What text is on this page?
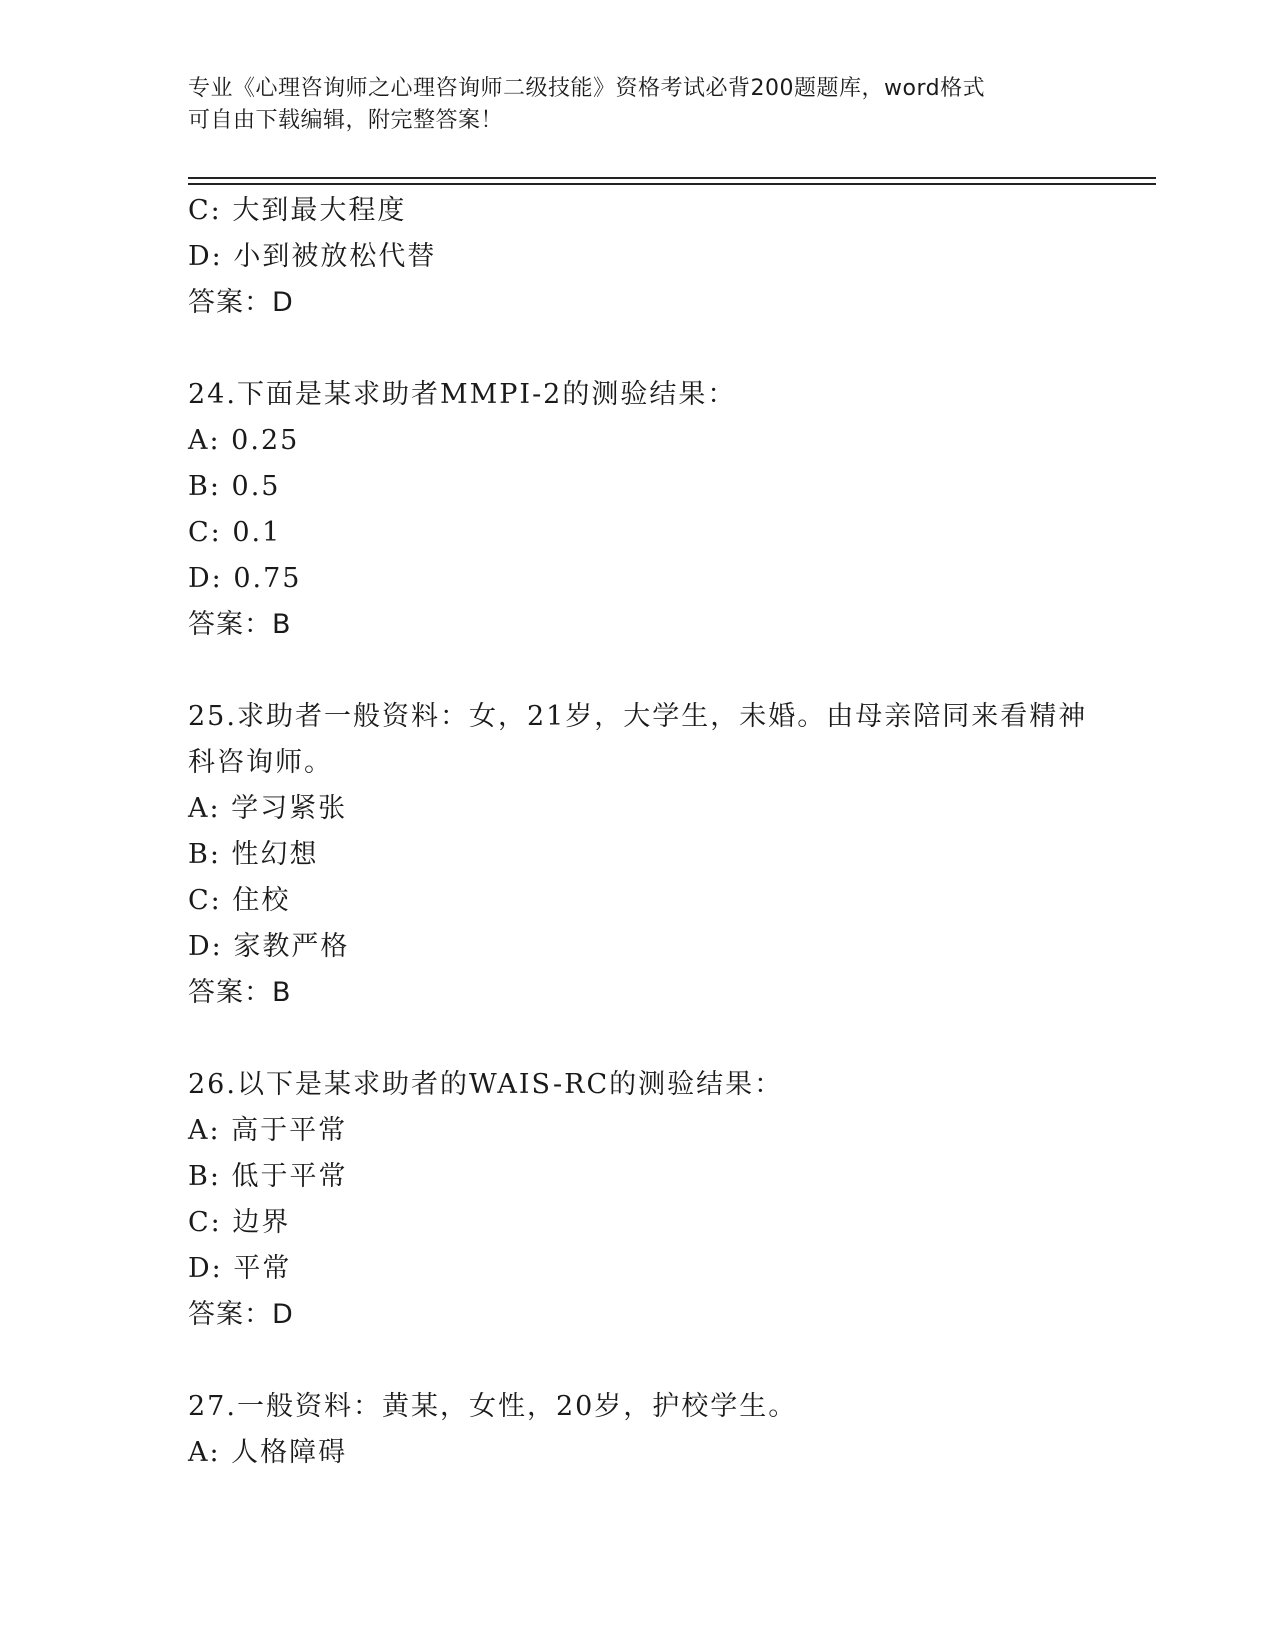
专业《心理咨询师之心理咨询师二级技能》资格考试必背200题题库，word格式
可自由下载编辑，附完整答案！
C: 大到最大程度
D: 小到被放松代替
答案：D
24.下面是某求助者MMPI-2的测验结果：
A: 0.25
B: 0.5
C: 0.1
D: 0.75
答案：B
25.求助者一般资料：女，21岁，大学生，未婚。由母亲陪同来看精神
科咨询师。
A: 学习紧张
B: 性幻想
C: 住校
D: 家教严格
答案：B
26.以下是某求助者的WAIS-RC的测验结果：
A: 高于平常
B: 低于平常
C: 边界
D: 平常
答案：D
27.一般资料：黄某，女性，20岁，护校学生。
A: 人格障碍
